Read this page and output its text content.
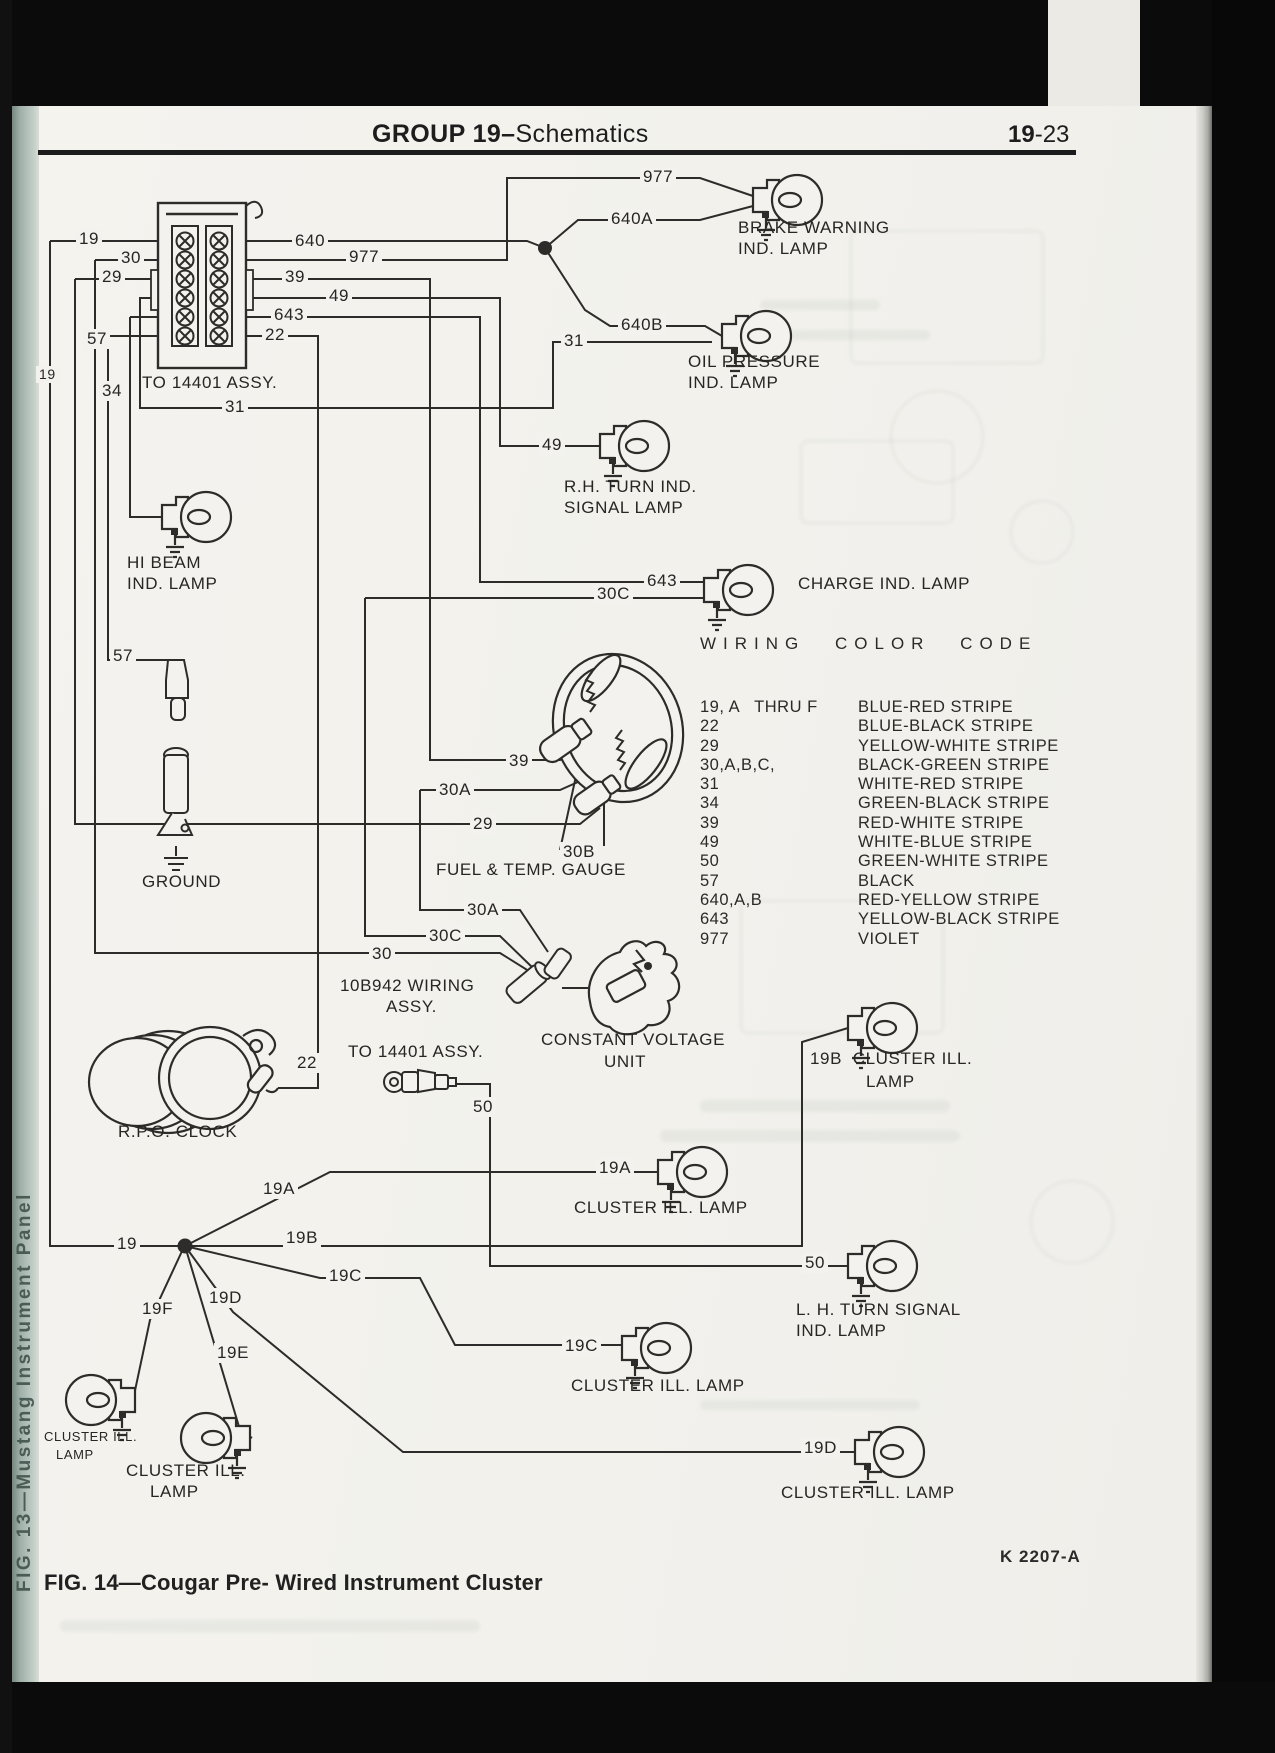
GROUP 19–Schematics	19-23
WIRING COLOR CODE
19, A   THRU F	BLUE-RED STRIPE
22	BLUE-BLACK STRIPE
29	YELLOW-WHITE STRIPE
30,A,B,C,	BLACK-GREEN STRIPE
31	WHITE-RED STRIPE
34	GREEN-BLACK STRIPE
39	RED-WHITE STRIPE
49	WHITE-BLUE STRIPE
50	GREEN-WHITE STRIPE
57	BLACK
640,A,B	RED-YELLOW STRIPE
643	YELLOW-BLACK STRIPE
977	VIOLET
19
30
29
57
19
34
640
977
39
49
643
22
TO 14401 ASSY.
31
977
640A	BRAKE WARNING
IND. LAMP
640B
31
OIL PRESSURE
IND. LAMP
49
R.H. TURN IND.
SIGNAL LAMP
643
30C
CHARGE IND. LAMP
HI BEAM
IND. LAMP
57
GROUND
39
30A
29
30B
FUEL & TEMP. GAUGE
30A
30C
30
10B942 WIRING
ASSY.
CONSTANT VOLTAGE
UNIT
22
TO 14401 ASSY.
50
19B  CLUSTER ILL.
LAMP
R.P.O. CLOCK
19A
19	19B
19C
19D
19F
19E
19A
CLUSTER ILL. LAMP
50
L. H. TURN SIGNAL
IND. LAMP
19C
CLUSTER ILL. LAMP
19D
CLUSTER ILL. LAMP
CLUSTER ILL.
LAMP
CLUSTER ILL.
LAMP
FIG. 14—Cougar Pre- Wired Instrument Cluster
K 2207-A
FIG. 13—Mustang Instrument Panel
